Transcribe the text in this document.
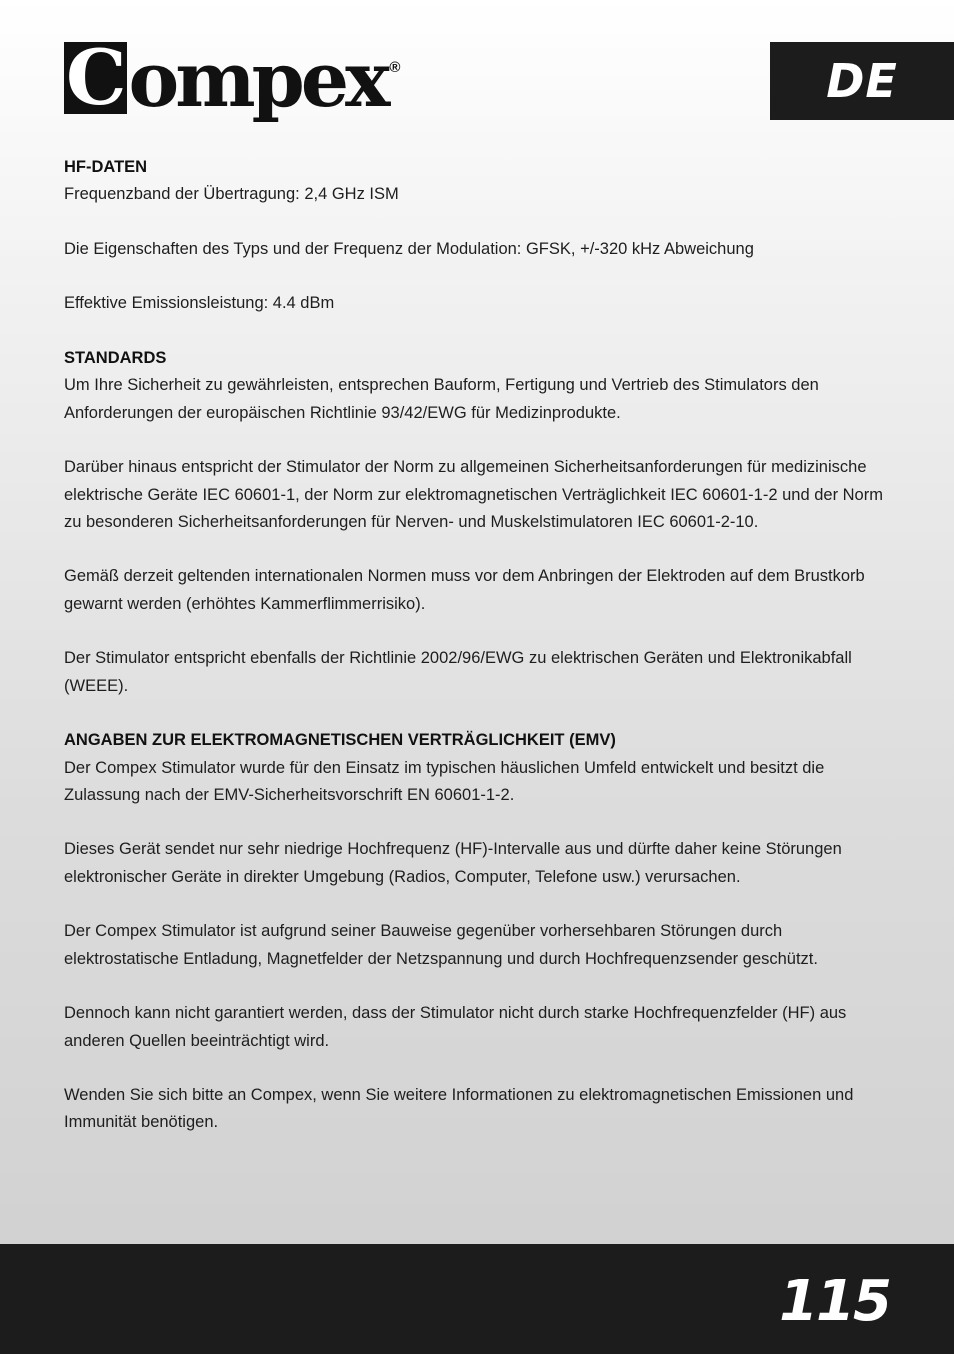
C ompex ®	DE
HF-DATEN

Frequenzband der Übertragung: 2,4 GHz ISM

Die Eigenschaften des Typs und der Frequenz der Modulation: GFSK, +/-320 kHz Abweichung

Effektive Emissionsleistung: 4.4 dBm

STANDARDS

Um Ihre Sicherheit zu gewährleisten, entsprechen Bauform, Fertigung und Vertrieb des Stimulators den Anforderungen der europäischen Richtlinie 93/42/EWG für Medizinprodukte.

Darüber hinaus entspricht der Stimulator der Norm zu allgemeinen Sicherheitsanforderungen für medizinische elektrische Geräte IEC 60601-1, der Norm zur elektromagnetischen Verträglichkeit IEC 60601-1-2 und der Norm zu besonderen Sicherheitsanforderungen für Nerven- und Muskelstimulatoren IEC 60601-2-10.

Gemäß derzeit geltenden internationalen Normen muss vor dem Anbringen der Elektroden auf dem Brustkorb gewarnt werden (erhöhtes Kammerflimmerrisiko).

Der Stimulator entspricht ebenfalls der Richtlinie 2002/96/EWG zu elektrischen Geräten und Elektronikabfall (WEEE).

ANGABEN ZUR ELEKTROMAGNETISCHEN VERTRÄGLICHKEIT (EMV)

Der Compex Stimulator wurde für den Einsatz im typischen häuslichen Umfeld entwickelt und besitzt die Zulassung nach der EMV-Sicherheitsvorschrift EN 60601-1-2.

Dieses Gerät sendet nur sehr niedrige Hochfrequenz (HF)-Intervalle aus und dürfte daher keine Störungen elektronischer Geräte in direkter Umgebung (Radios, Computer, Telefone usw.) verursachen.

Der Compex Stimulator ist aufgrund seiner Bauweise gegenüber vorhersehbaren Störungen durch elektrostatische Entladung, Magnetfelder der Netzspannung und durch Hochfrequenzsender geschützt.

Dennoch kann nicht garantiert werden, dass der Stimulator nicht durch starke Hochfrequenzfelder (HF) aus anderen Quellen beeinträchtigt wird.

Wenden Sie sich bitte an Compex, wenn Sie weitere Informationen zu elektromagnetischen Emissionen und Immunität benötigen.

115
